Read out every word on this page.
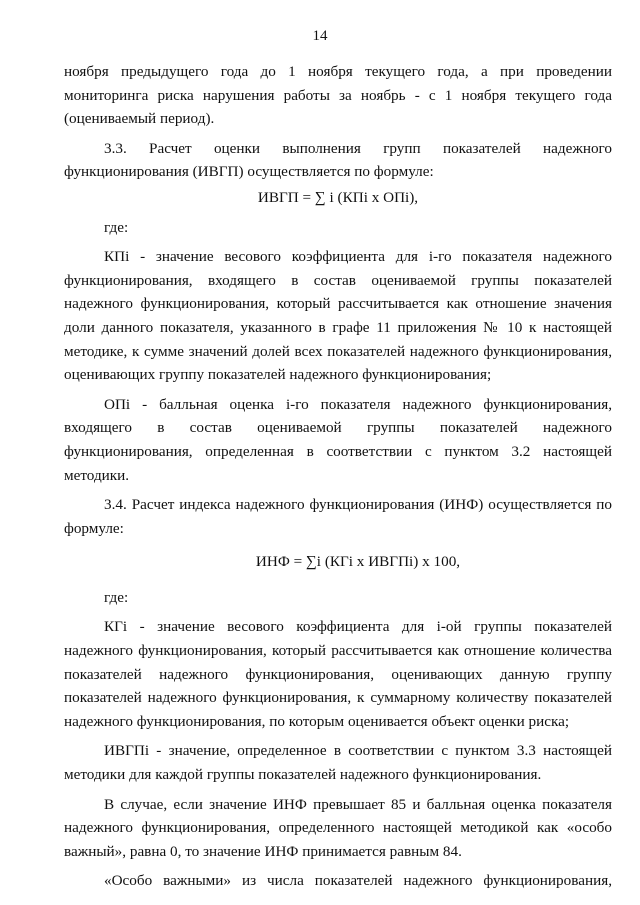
14

ноября предыдущего года до 1 ноября текущего года, а при проведении мониторинга риска нарушения работы за ноябрь - с 1 ноября текущего года (оцениваемый период).

3.3. Расчет оценки выполнения групп показателей надежного

функционирования (ИВГП) осуществляется по формуле:

ИВГП = ∑ i (КПi х ОПi),

где:

КПi - значение весового коэффициента для i-го показателя надежного функционирования, входящего в состав оцениваемой группы показателей надежного функционирования, который рассчитывается как отношение значения доли данного показателя, указанного в графе 11 приложения № 10 к настоящей методике, к сумме значений долей всех показателей надежного функционирования, оценивающих группу показателей надежного функционирования;

ОПi - балльная оценка i-го показателя надежного функционирования, входящего в состав оцениваемой группы показателей надежного функционирования, определенная в соответствии с пунктом 3.2 настоящей методики.

3.4. Расчет индекса надежного функционирования (ИНФ) осуществляется по формуле:

ИНФ = ∑i (КГi х ИВГПi) х 100,

где:

КГi - значение весового коэффициента для i-ой группы показателей надежного функционирования, который рассчитывается как отношение количества показателей надежного функционирования, оценивающих данную группу показателей надежного функционирования, к суммарному количеству показателей надежного функционирования, по которым оценивается объект оценки риска;

ИВГПi - значение, определенное в соответствии с пунктом 3.3 настоящей методики для каждой группы показателей надежного функционирования.

В случае, если значение ИНФ превышает 85 и балльная оценка показателя надежного функционирования, определенного настоящей методикой как «особо важный», равна 0, то значение ИНФ принимается равным 84.

«Особо важными» из числа показателей надежного функционирования,
